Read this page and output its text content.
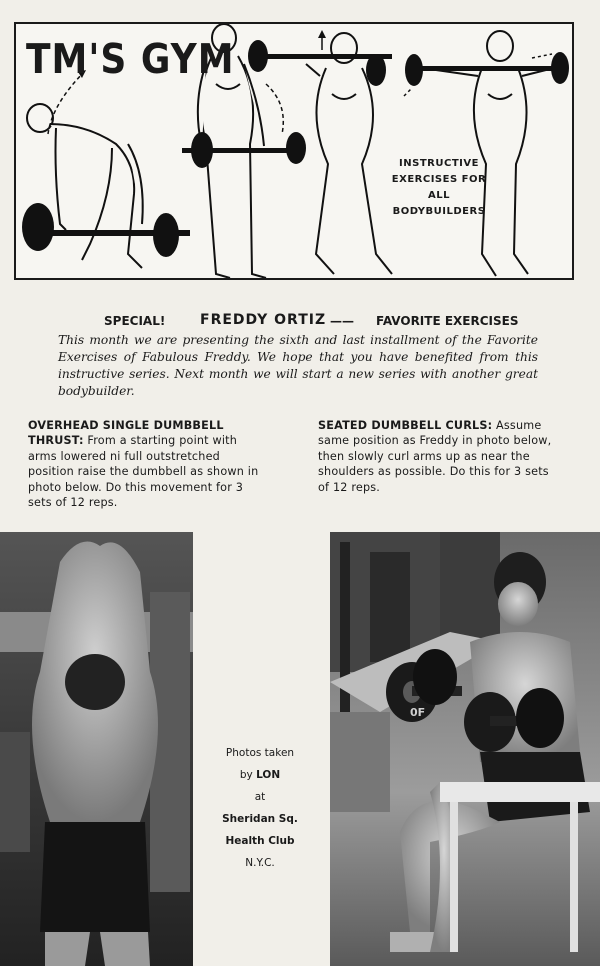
TM'S GYM
INSTRUCTIVE
EXERCISES FOR
ALL BODYBUILDERS
SPECIAL! FREDDY ORTIZ —— FAVORITE EXERCISES
This month we are presenting the sixth and last installment of the Favorite Exercises of Fabulous Freddy. We hope that you have benefited from this instructive series. Next month we will start a new series with another great bodybuilder.
OVERHEAD SINGLE DUMBBELL THRUST: From a starting point with arms lowered ni full outstretched position raise the dumbbell as shown in photo below. Do this movement for 3 sets of 12 reps.
SEATED DUMBBELL CURLS: Assume same position as Freddy in photo below, then slowly curl arms up as near the shoulders as possible. Do this for 3 sets of 12 reps.
Photos taken
by LON
at
Sheridan Sq.
Health Club
N.Y.C.
0F
